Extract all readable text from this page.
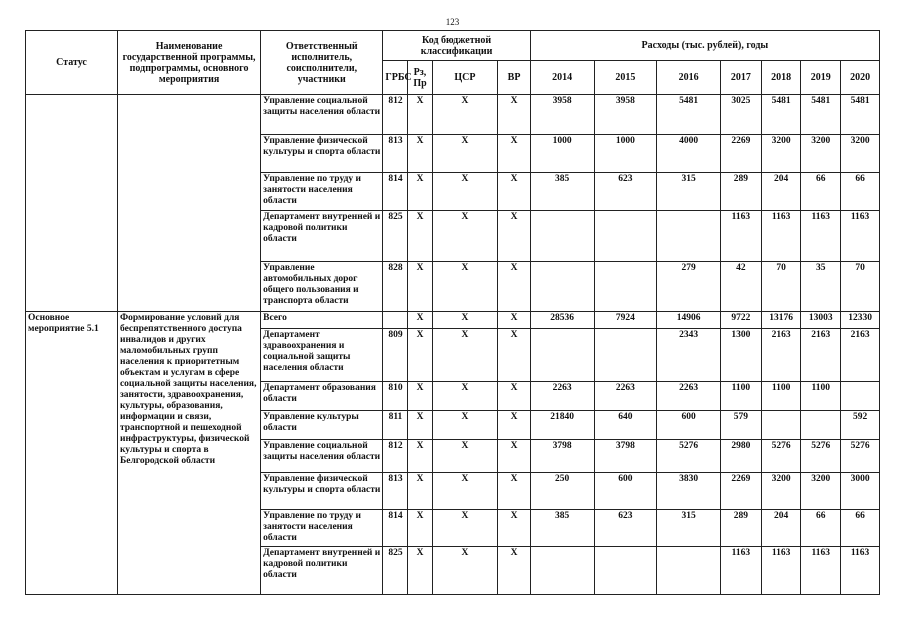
123
Статус	Наименование государственной программы, подпрограммы, основного мероприятия	Ответственный исполнитель, соисполнители, участники	Код бюджетной классификации				Расходы (тыс. рублей), годы						
			ГРБС	Рз, Пр	ЦСР	ВР	2014	2015	2016	2017	2018	2019	2020
		Управление социальной защиты населения области	812	Х	Х	Х	3958	3958	5481	3025	5481	5481	5481
		Управление физической культуры и спорта области	813	Х	Х	Х	1000	1000	4000	2269	3200	3200	3200
		Управление по труду и занятости населения области	814	Х	Х	Х	385	623	315	289	204	66	66
		Департамент внутренней и кадровой политики области	825	Х	Х	Х				1163	1163	1163	1163
		Управление автомобильных дорог общего пользования и транспорта области	828	Х	Х	Х			279	42	70	35	70
Основное мероприятие 5.1	Формирование условий для беспрепятственного доступа инвалидов и других маломобильных групп населения к приоритетным объектам и услугам в сфере социальной защиты населения, занятости, здравоохранения, культуры, образования, информации и связи, транспортной и пешеходной инфраструктуры, физической культуры и спорта в Белгородской области	Всего		Х	Х	Х	28536	7924	14906	9722	13176	13003	12330
		Департамент здравоохранения и социальной защиты населения области	809	Х	Х	Х			2343	1300	2163	2163	2163
		Департамент образования области	810	Х	Х	Х	2263	2263	2263	1100	1100	1100	
		Управление культуры области	811	Х	Х	Х	21840	640	600	579			592
		Управление социальной защиты населения области	812	Х	Х	Х	3798	3798	5276	2980	5276	5276	5276
		Управление физической культуры и спорта области	813	Х	Х	Х	250	600	3830	2269	3200	3200	3000
		Управление по труду и занятости населения области	814	Х	Х	Х	385	623	315	289	204	66	66
		Департамент внутренней и кадровой политики области	825	Х	Х	Х				1163	1163	1163	1163
